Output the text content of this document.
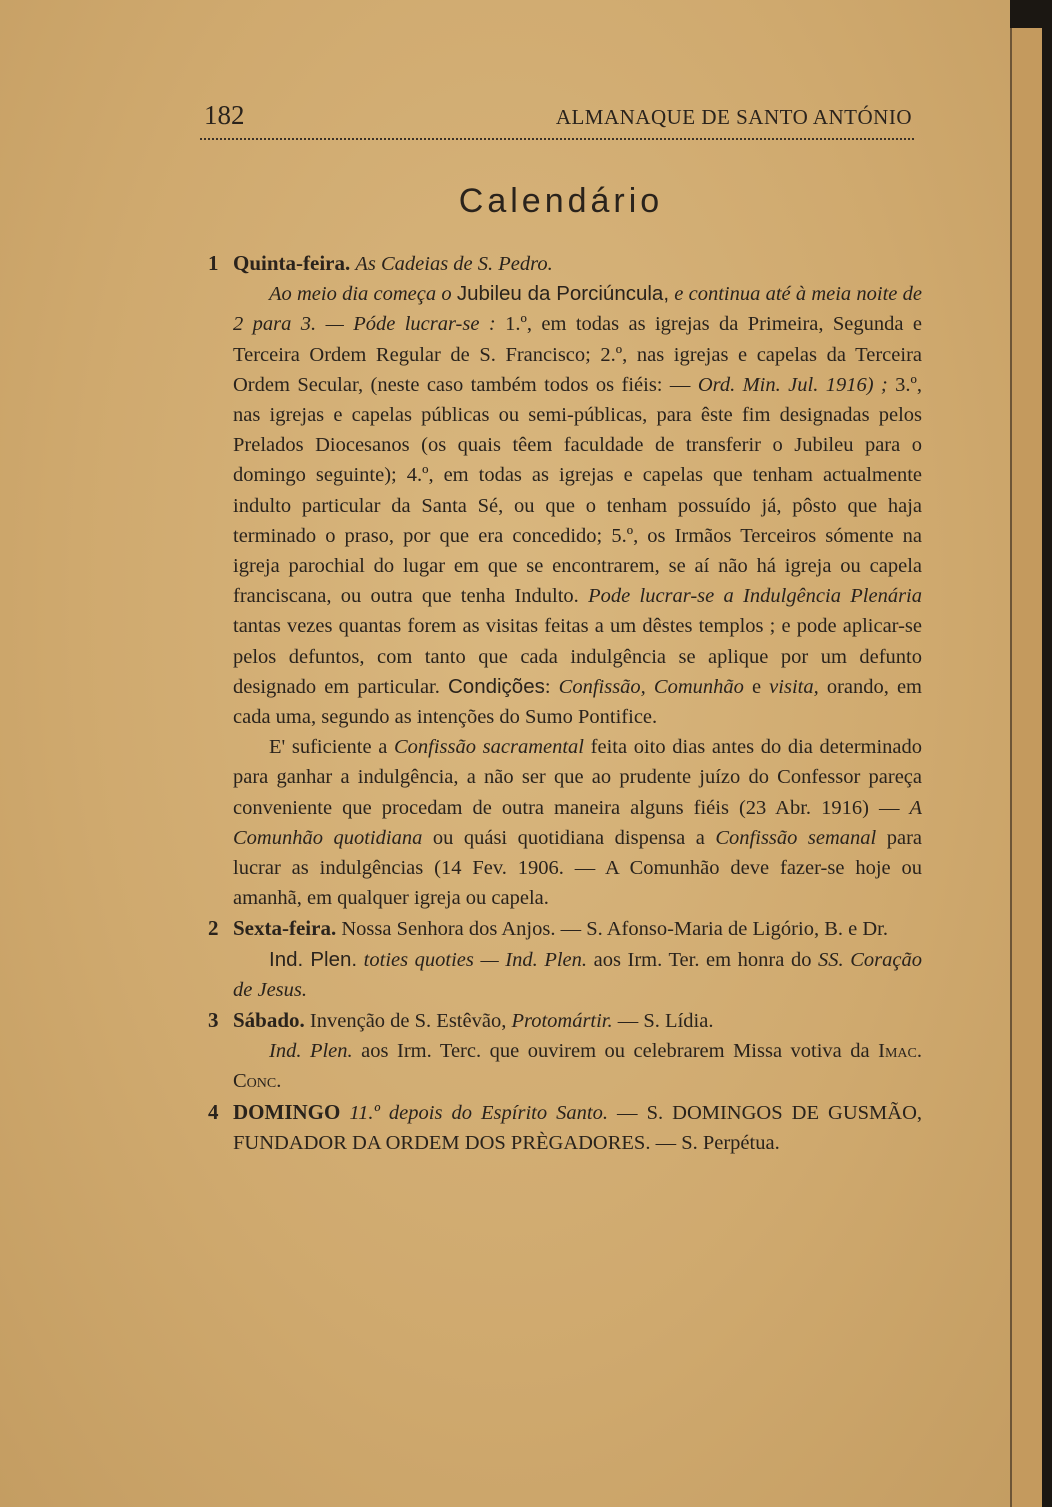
182	ALMANAQUE DE SANTO ANTÓNIO
Calendário
1 Quinta-feira. As Cadeias de S. Pedro.

Ao meio dia começa o Jubileu da Porciúncula, e continua até à meia noite de 2 para 3. — Póde lucrar-se : 1.º, em todas as igrejas da Primeira, Segunda e Terceira Ordem Regular de S. Francisco; 2.º, nas igrejas e capelas da Terceira Ordem Secular, (neste caso também todos os fiéis: — Ord. Min. Jul. 1916) ; 3.º, nas igrejas e capelas públicas ou semi-públicas, para êste fim designadas pelos Prelados Diocesanos (os quais têem faculdade de transferir o Jubileu para o domingo seguinte); 4.º, em todas as igrejas e capelas que tenham actualmente indulto particular da Santa Sé, ou que o tenham possuído já, pôsto que haja terminado o praso, por que era concedido; 5.º, os Irmãos Terceiros sómente na igreja parochial do lugar em que se encontrarem, se aí não há igreja ou capela franciscana, ou outra que tenha Indulto. Pode lucrar-se a Indulgência Plenária tantas vezes quantas forem as visitas feitas a um dêstes templos ; e pode aplicar-se pelos defuntos, com tanto que cada indulgência se aplique por um defunto designado em particular. Condições: Confissão, Comunhão e visita, orando, em cada uma, segundo as intenções do Sumo Pontifice.

E' suficiente a Confissão sacramental feita oito dias antes do dia determinado para ganhar a indulgência, a não ser que ao prudente juízo do Confessor pareça conveniente que procedam de outra maneira alguns fiéis (23 Abr. 1916) — A Comunhão quotidiana ou quási quotidiana dispensa a Confissão semanal para lucrar as indulgências (14 Fev. 1906. — A Comunhão deve fazer-se hoje ou amanhã, em qualquer igreja ou capela.

2 Sexta-feira. Nossa Senhora dos Anjos. — S. Afonso-Maria de Ligório, B. e Dr.

Ind. Plen. toties quoties — Ind. Plen. aos Irm. Ter. em honra do SS. Coração de Jesus.

3 Sábado. Invenção de S. Estêvão, Protomártir. — S. Lídia.

Ind. Plen. aos Irm. Terc. que ouvirem ou celebrarem Missa votiva da Imac. Conc.

4 DOMINGO 11.º depois do Espírito Santo. — S. DOMINGOS DE GUSMÃO, FUNDADOR DA ORDEM DOS PRÈGADORES. — S. Perpétua.
